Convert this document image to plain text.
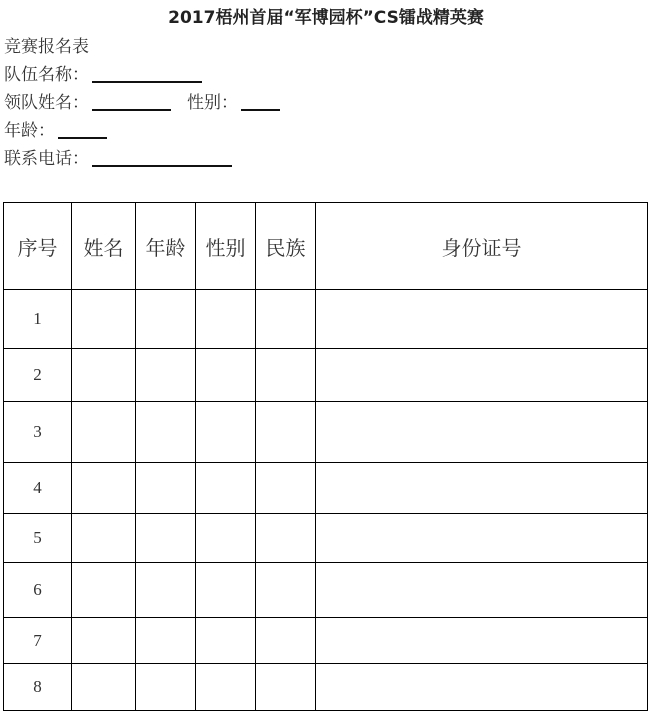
2017梧州首届“军博园杯”CS镭战精英赛
竞赛报名表
队伍名称：
领队姓名：	性别：
年龄：
联系电话：
序号	姓名	年龄	性别	民族	身份证号
1					
2					
3					
4					
5					
6					
7					
8					
